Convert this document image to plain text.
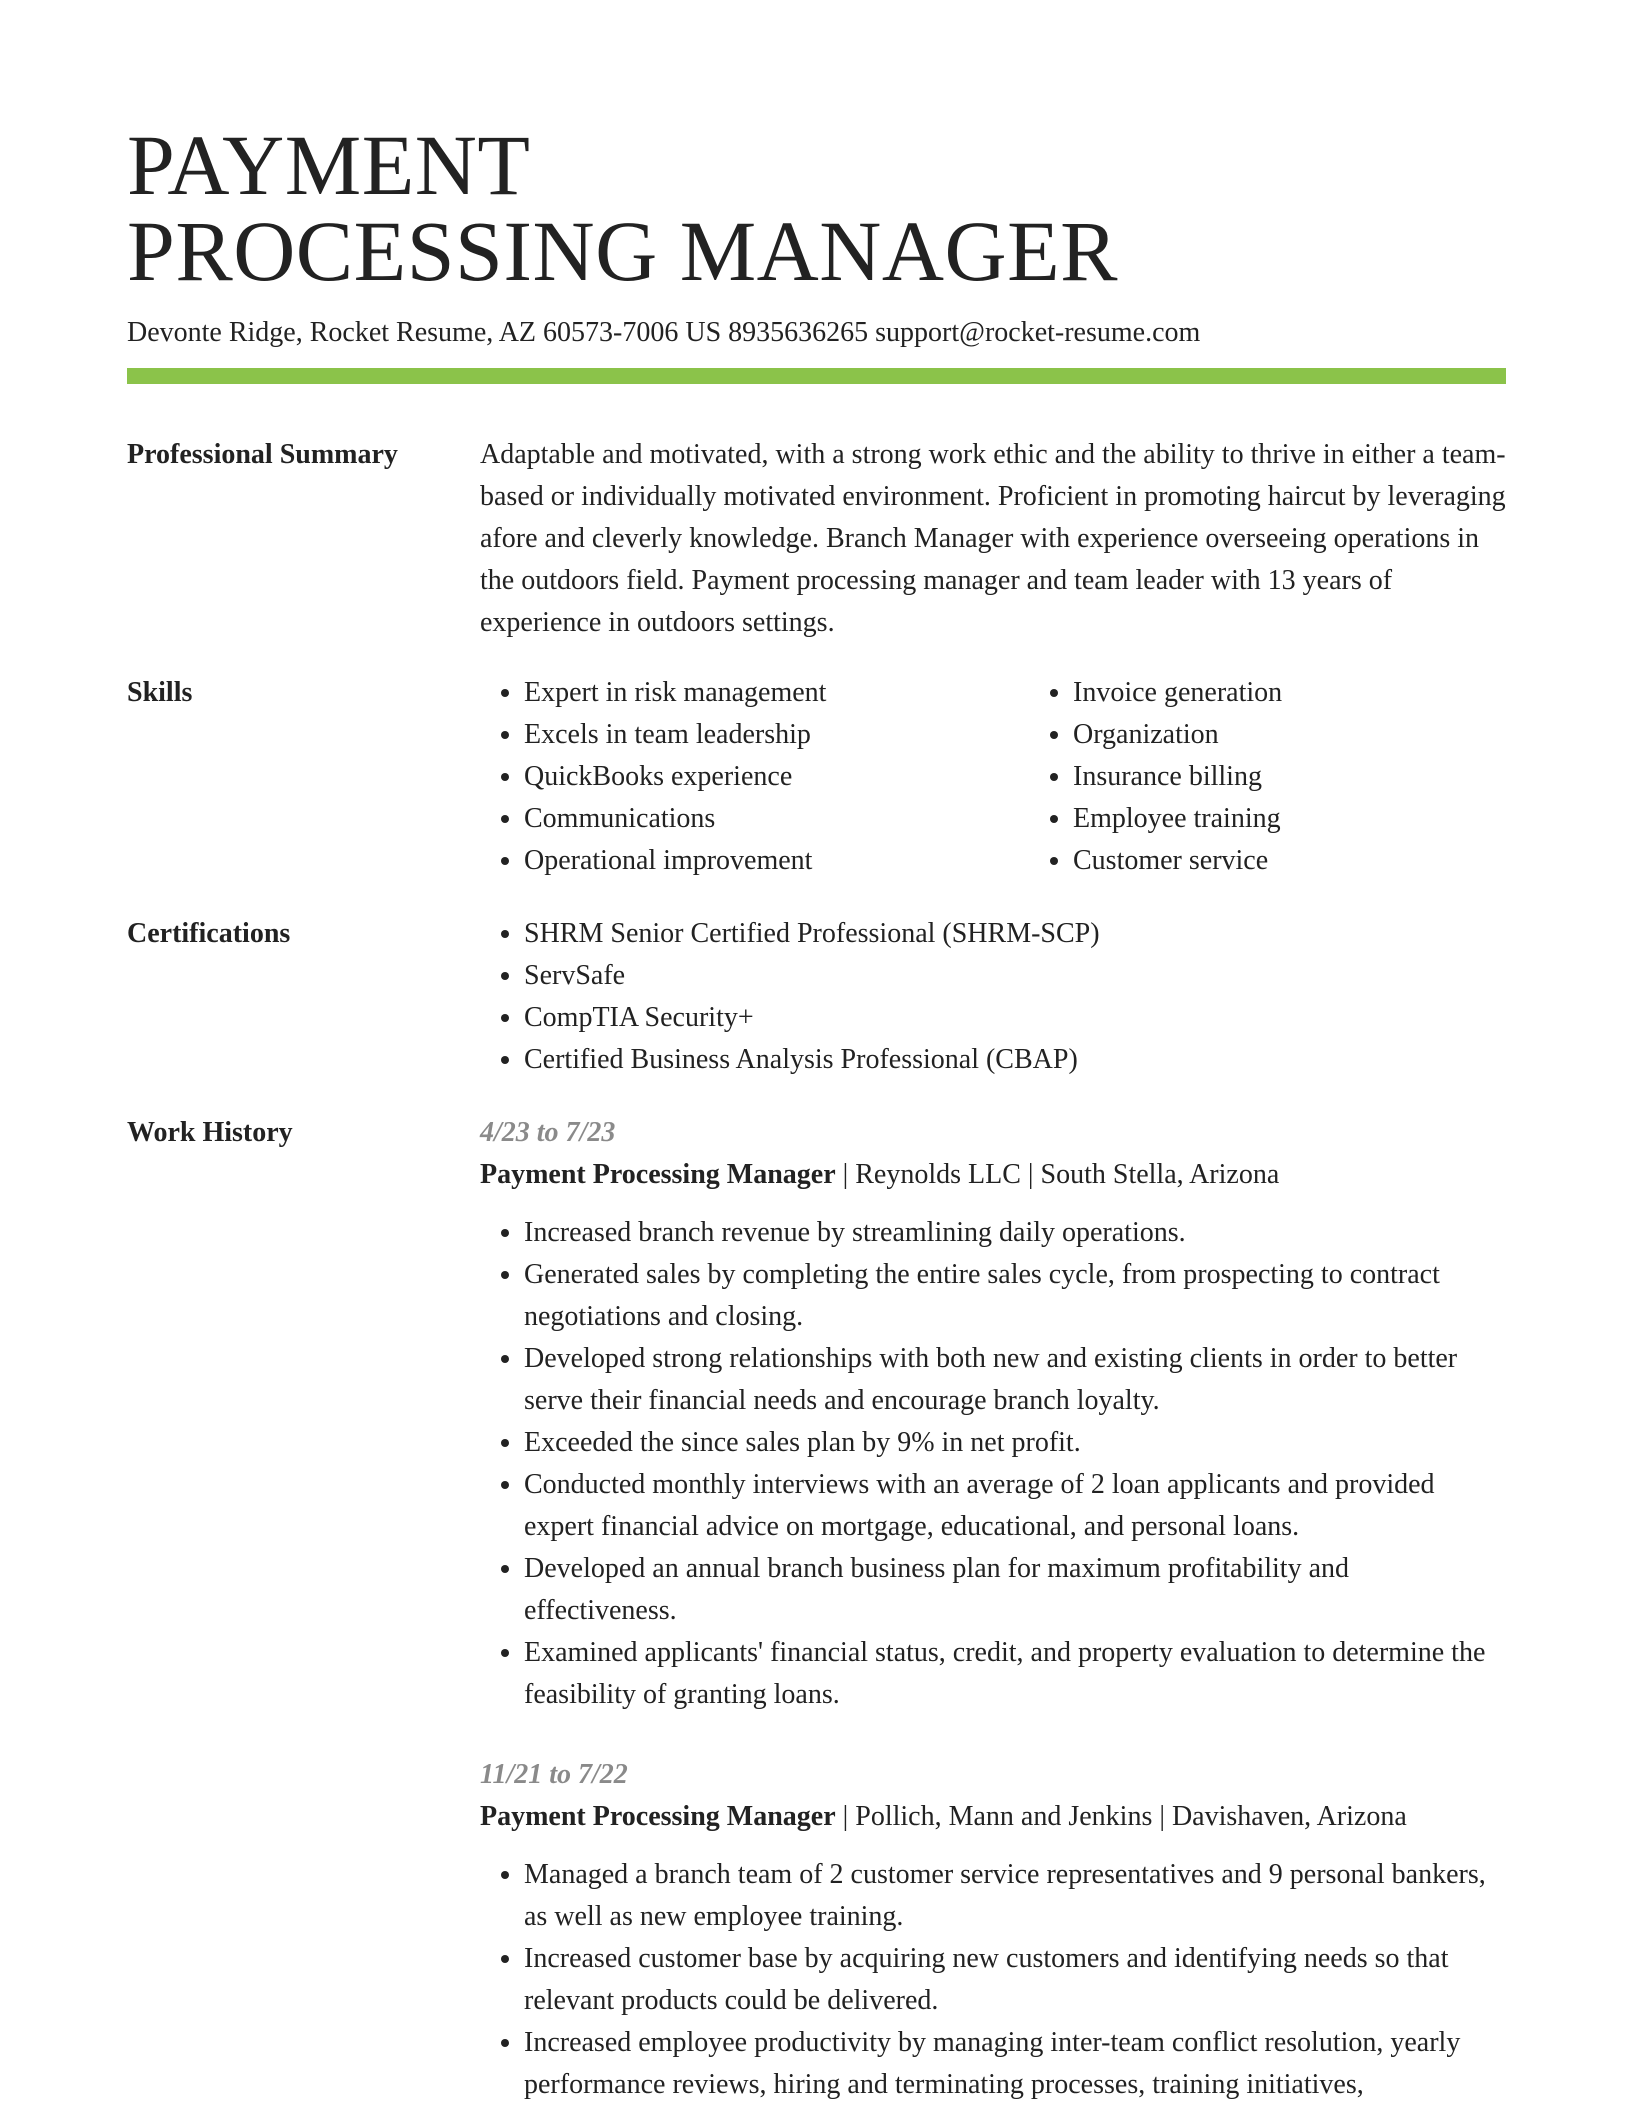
PAYMENT
PROCESSING MANAGER
Devonte Ridge, Rocket Resume, AZ 60573-7006 US 8935636265 support@rocket-resume.com
Professional Summary	Adaptable and motivated, with a strong work ethic and the ability to thrive in either a team-based or individually motivated environment. Proficient in promoting haircut by leveraging afore and cleverly knowledge. Branch Manager with experience overseeing operations in the outdoors field. Payment processing manager and team leader with 13 years of experience in outdoors settings.

Skills	• Expert in risk management
• Excels in team leadership
• QuickBooks experience
• Communications
• Operational improvement
• Invoice generation
• Organization
• Insurance billing
• Employee training
• Customer service
Certifications	• SHRM Senior Certified Professional (SHRM-SCP)
• ServSafe
• CompTIA Security+
• Certified Business Analysis Professional (CBAP)
Work History	4/23 to 7/23
Payment Processing Manager | Reynolds LLC | South Stella, Arizona
• Increased branch revenue by streamlining daily operations.
• Generated sales by completing the entire sales cycle, from prospecting to contract negotiations and closing.
• Developed strong relationships with both new and existing clients in order to better serve their financial needs and encourage branch loyalty.
• Exceeded the since sales plan by 9% in net profit.
• Conducted monthly interviews with an average of 2 loan applicants and provided expert financial advice on mortgage, educational, and personal loans.
• Developed an annual branch business plan for maximum profitability and effectiveness.
• Examined applicants' financial status, credit, and property evaluation to determine the feasibility of granting loans.
11/21 to 7/22
Payment Processing Manager | Pollich, Mann and Jenkins | Davishaven, Arizona
• Managed a branch team of 2 customer service representatives and 9 personal bankers, as well as new employee training.
• Increased customer base by acquiring new customers and identifying needs so that relevant products could be delivered.
• Increased employee productivity by managing inter-team conflict resolution, yearly performance reviews, hiring and terminating processes, training initiatives,
